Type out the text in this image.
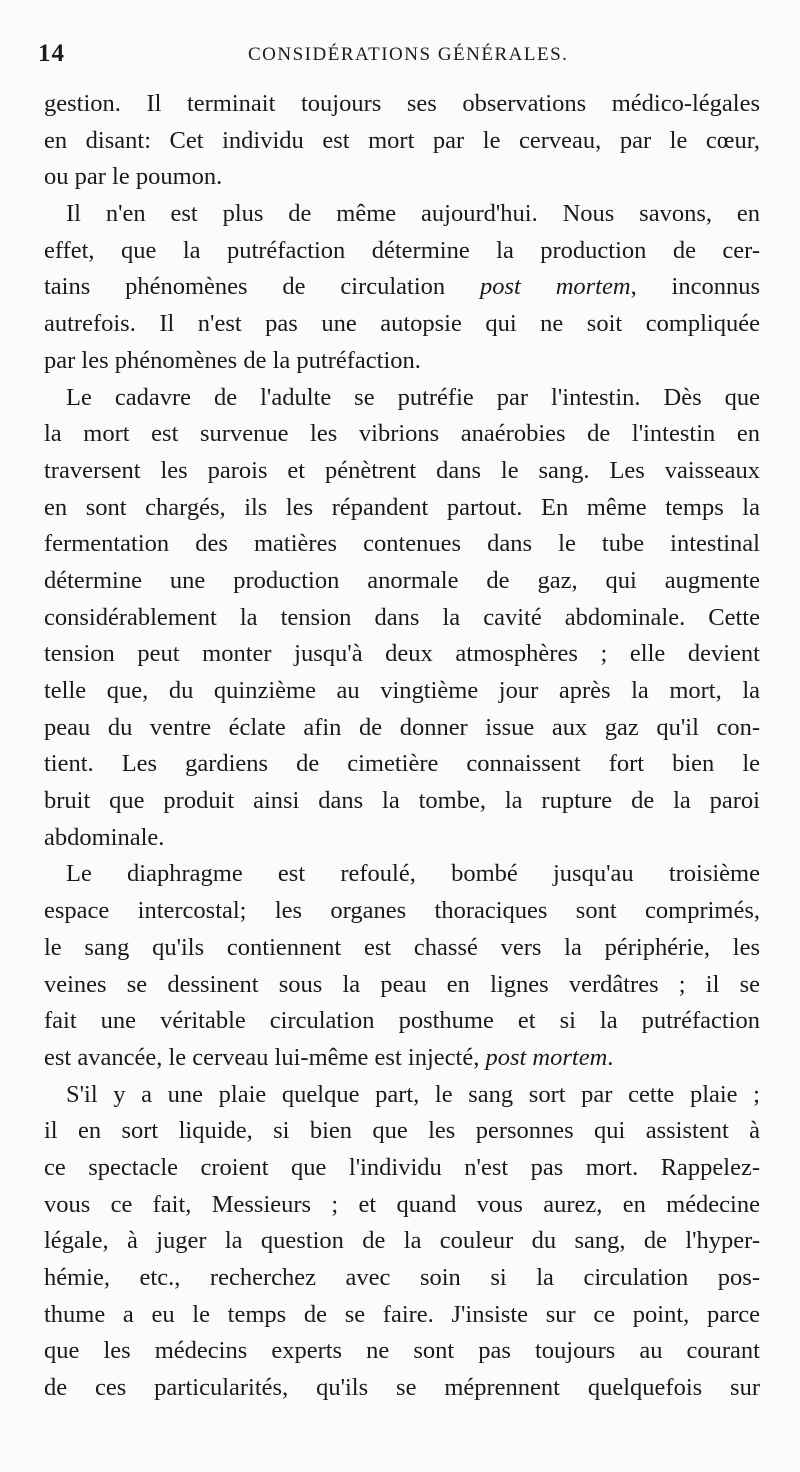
14	CONSIDÉRATIONS GÉNÉRALES.
gestion. Il terminait toujours ses observations médico-légales
en disant: Cet individu est mort par le cerveau, par le cœur,
ou par le poumon.
Il n'en est plus de même aujourd'hui. Nous savons, en
effet, que la putréfaction détermine la production de cer-
tains phénomènes de circulation post mortem, inconnus
autrefois. Il n'est pas une autopsie qui ne soit compliquée
par les phénomènes de la putréfaction.
Le cadavre de l'adulte se putréfie par l'intestin. Dès que
la mort est survenue les vibrions anaérobies de l'intestin en
traversent les parois et pénètrent dans le sang. Les vaisseaux
en sont chargés, ils les répandent partout. En même temps la
fermentation des matières contenues dans le tube intestinal
détermine une production anormale de gaz, qui augmente
considérablement la tension dans la cavité abdominale. Cette
tension peut monter jusqu'à deux atmosphères ; elle devient
telle que, du quinzième au vingtième jour après la mort, la
peau du ventre éclate afin de donner issue aux gaz qu'il con-
tient. Les gardiens de cimetière connaissent fort bien le
bruit que produit ainsi dans la tombe, la rupture de la paroi
abdominale.
Le diaphragme est refoulé, bombé jusqu'au troisième
espace intercostal; les organes thoraciques sont comprimés,
le sang qu'ils contiennent est chassé vers la périphérie, les
veines se dessinent sous la peau en lignes verdâtres ; il se
fait une véritable circulation posthume et si la putréfaction
est avancée, le cerveau lui-même est injecté, post mortem.
S'il y a une plaie quelque part, le sang sort par cette plaie ;
il en sort liquide, si bien que les personnes qui assistent à
ce spectacle croient que l'individu n'est pas mort. Rappelez-
vous ce fait, Messieurs ; et quand vous aurez, en médecine
légale, à juger la question de la couleur du sang, de l'hyper-
hémie, etc., recherchez avec soin si la circulation pos-
thume a eu le temps de se faire. J'insiste sur ce point, parce
que les médecins experts ne sont pas toujours au courant
de ces particularités, qu'ils se méprennent quelquefois sur
